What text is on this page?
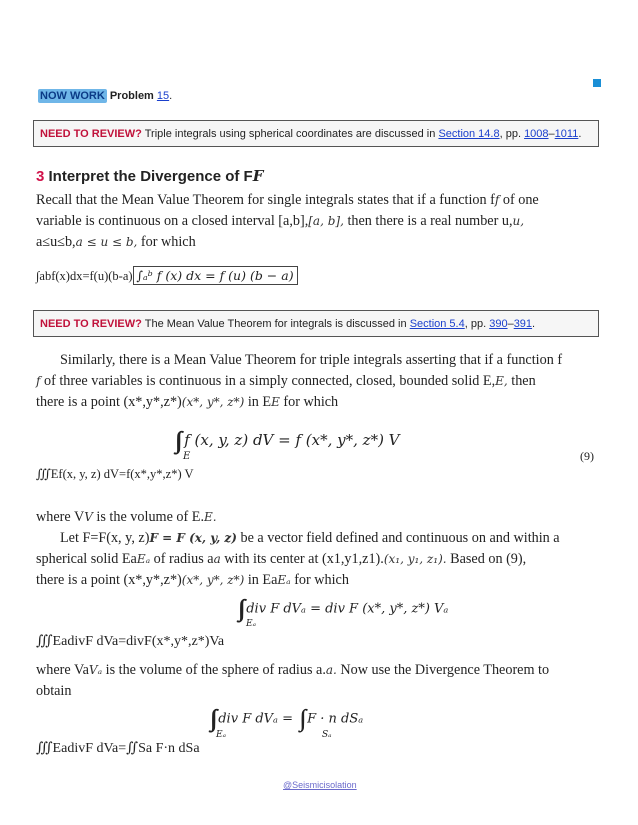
NOW WORK Problem 15.
NEED TO REVIEW? Triple integrals using spherical coordinates are discussed in Section 14.8, pp. 1008–1011.
3 Interpret the Divergence of FF
Recall that the Mean Value Theorem for single integrals states that if a function ff of one
variable is continuous on a closed interval [a,b],[a, b], then there is a real number u,u,
a≤u≤b,a ≤ u ≤ b, for which
∫abf(x)dx=f(u)(b-a) ∫ₐᵇ f (x) dx = f (u) (b − a)
NEED TO REVIEW? The Mean Value Theorem for integrals is discussed in Section 5.4, pp. 390–391.
Similarly, there is a Mean Value Theorem for triple integrals asserting that if a function f
f of three variables is continuous in a simply connected, closed, bounded solid E,E, then
there is a point (x*,y*,z*)(x*, y*, z*) in EE for which
∫∫∫ f (x, y, z) dV = f (x*, y*, z*) V
E	(9)
∭Ef(x, y, z) dV=f(x*,y*,z*) V
where VV is the volume of E.E.
Let F=F(x, y, z)F = F (x, y, z) be a vector field defined and continuous on and within a
spherical solid EaEₐ of radius aa with its center at (x1,y1,z1).(x₁, y₁, z₁). Based on (9),
there is a point (x*,y*,z*)(x*, y*, z*) in EaEₐ for which
∫∫∫ div F dVₐ = div F (x*, y*, z*) Vₐ
Eₐ
∭EadivF dVa=divF(x*,y*,z*)Va
where VaVₐ is the volume of the sphere of radius a.a. Now use the Divergence Theorem to
obtain
∫∫∫ div F dVₐ = ∫∫ F · n dSₐ
Eₐ	Sₐ
∭EadivF dVa=∬Sa F·n dSa
@Seismicisolation
